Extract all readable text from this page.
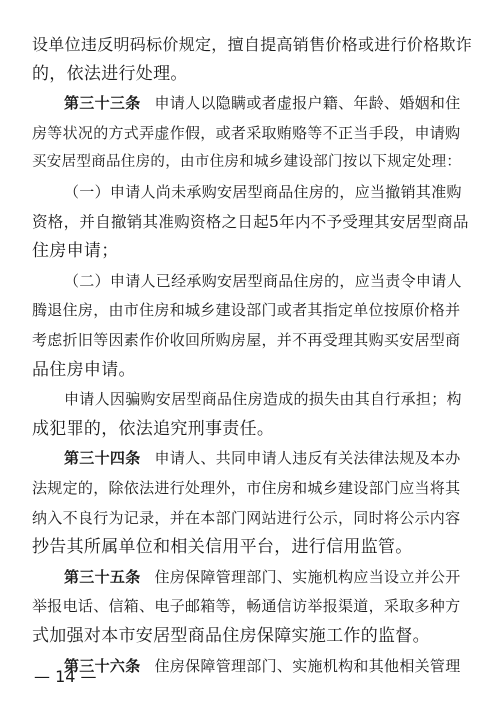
设单位违反明码标价规定，擅自提高销售价格或进行价格欺诈
的，依法进行处理。
第三十三条 申请人以隐瞒或者虚报户籍、年龄、婚姻和住
房等状况的方式弄虚作假，或者采取贿赂等不正当手段，申请购
买安居型商品住房的，由市住房和城乡建设部门按以下规定处理：
（一）申请人尚未承购安居型商品住房的，应当撤销其准购
资格，并自撤销其准购资格之日起5年内不予受理其安居型商品
住房申请；
（二）申请人已经承购安居型商品住房的，应当责令申请人
腾退住房，由市住房和城乡建设部门或者其指定单位按原价格并
考虑折旧等因素作价收回所购房屋，并不再受理其购买安居型商
品住房申请。
申请人因骗购安居型商品住房造成的损失由其自行承担；构
成犯罪的，依法追究刑事责任。
第三十四条 申请人、共同申请人违反有关法律法规及本办
法规定的，除依法进行处理外，市住房和城乡建设部门应当将其
纳入不良行为记录，并在本部门网站进行公示，同时将公示内容
抄告其所属单位和相关信用平台，进行信用监管。
第三十五条 住房保障管理部门、实施机构应当设立并公开
举报电话、信箱、电子邮箱等，畅通信访举报渠道，采取多种方
式加强对本市安居型商品住房保障实施工作的监督。
第三十六条 住房保障管理部门、实施机构和其他相关管理
— 14 —
